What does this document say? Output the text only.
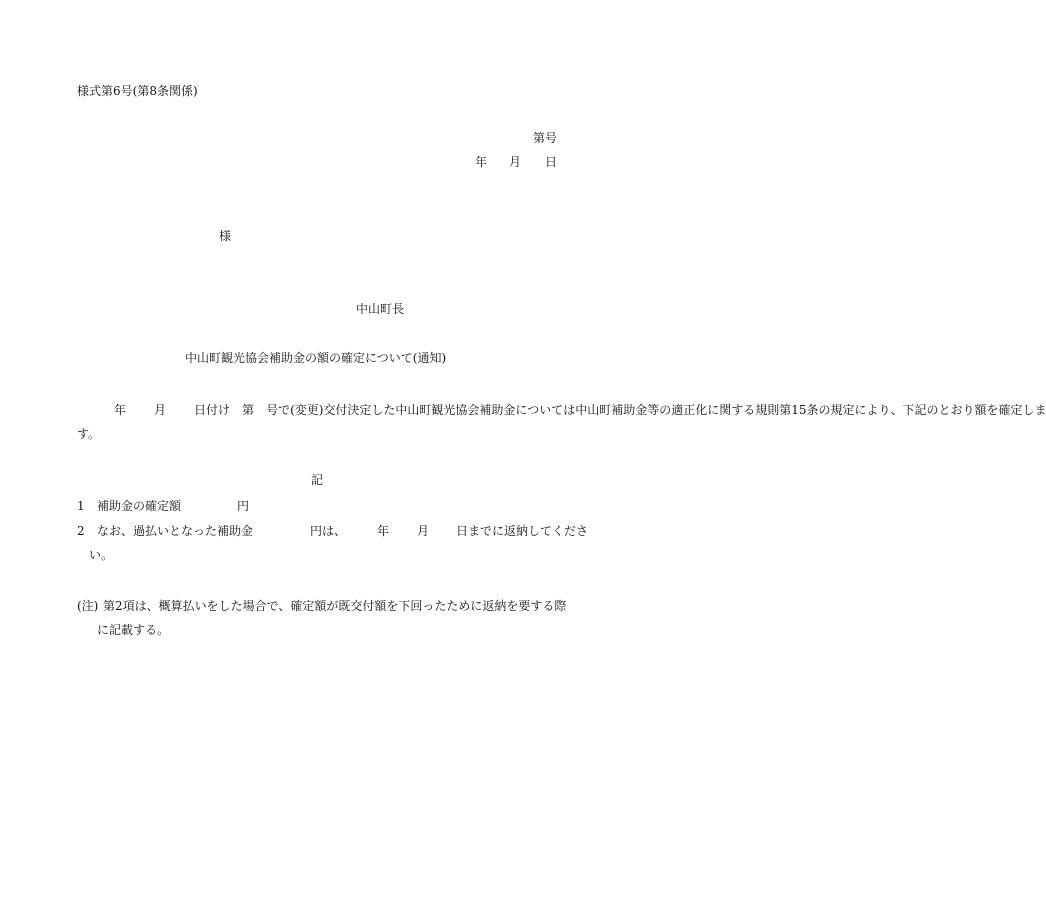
様式第6号(第8条関係)
第号
年 月 日
様
中山町長
中山町観光協会補助金の額の確定について(通知)
年 月 日付け 第 号で(変更)交付決定した中山町観光協会補助金については中山町補助金等の適正化に関する規則第15条の規定により、下記のとおり額を確定しま
す。
記
1 補助金の確定額	円
2 なお、過払いとなった補助金	円は、	年 月 日までに返納してくださ
い。
(注) 第2項は、概算払いをした場合で、確定額が既交付額を下回ったために返納を要する際
に記載する。
